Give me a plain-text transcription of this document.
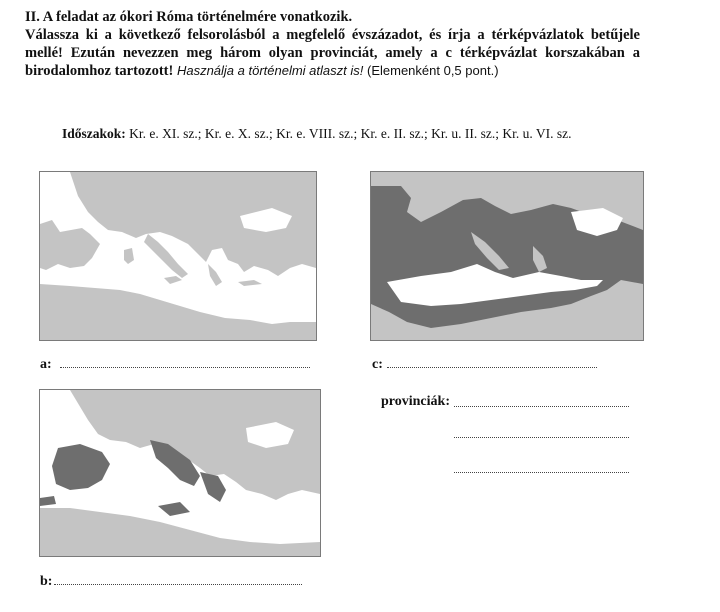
II. A feladat az ókori Róma történelmére vonatkozik.
Válassza ki a következő felsorolásból a megfelelő évszázadot, és írja a térképvázlatok betűjele mellé! Ezután nevezzen meg három olyan provinciát, amely a c térképvázlat korszakában a birodalomhoz tartozott! Használja a történelmi atlaszt is! (Elemenként 0,5 pont.)
Időszakok: Kr. e. XI. sz.; Kr. e. X. sz.; Kr. e. VIII. sz.; Kr. e. II. sz.; Kr. u. II. sz.; Kr. u. VI. sz.
a:	c:
provinciák:
b:
